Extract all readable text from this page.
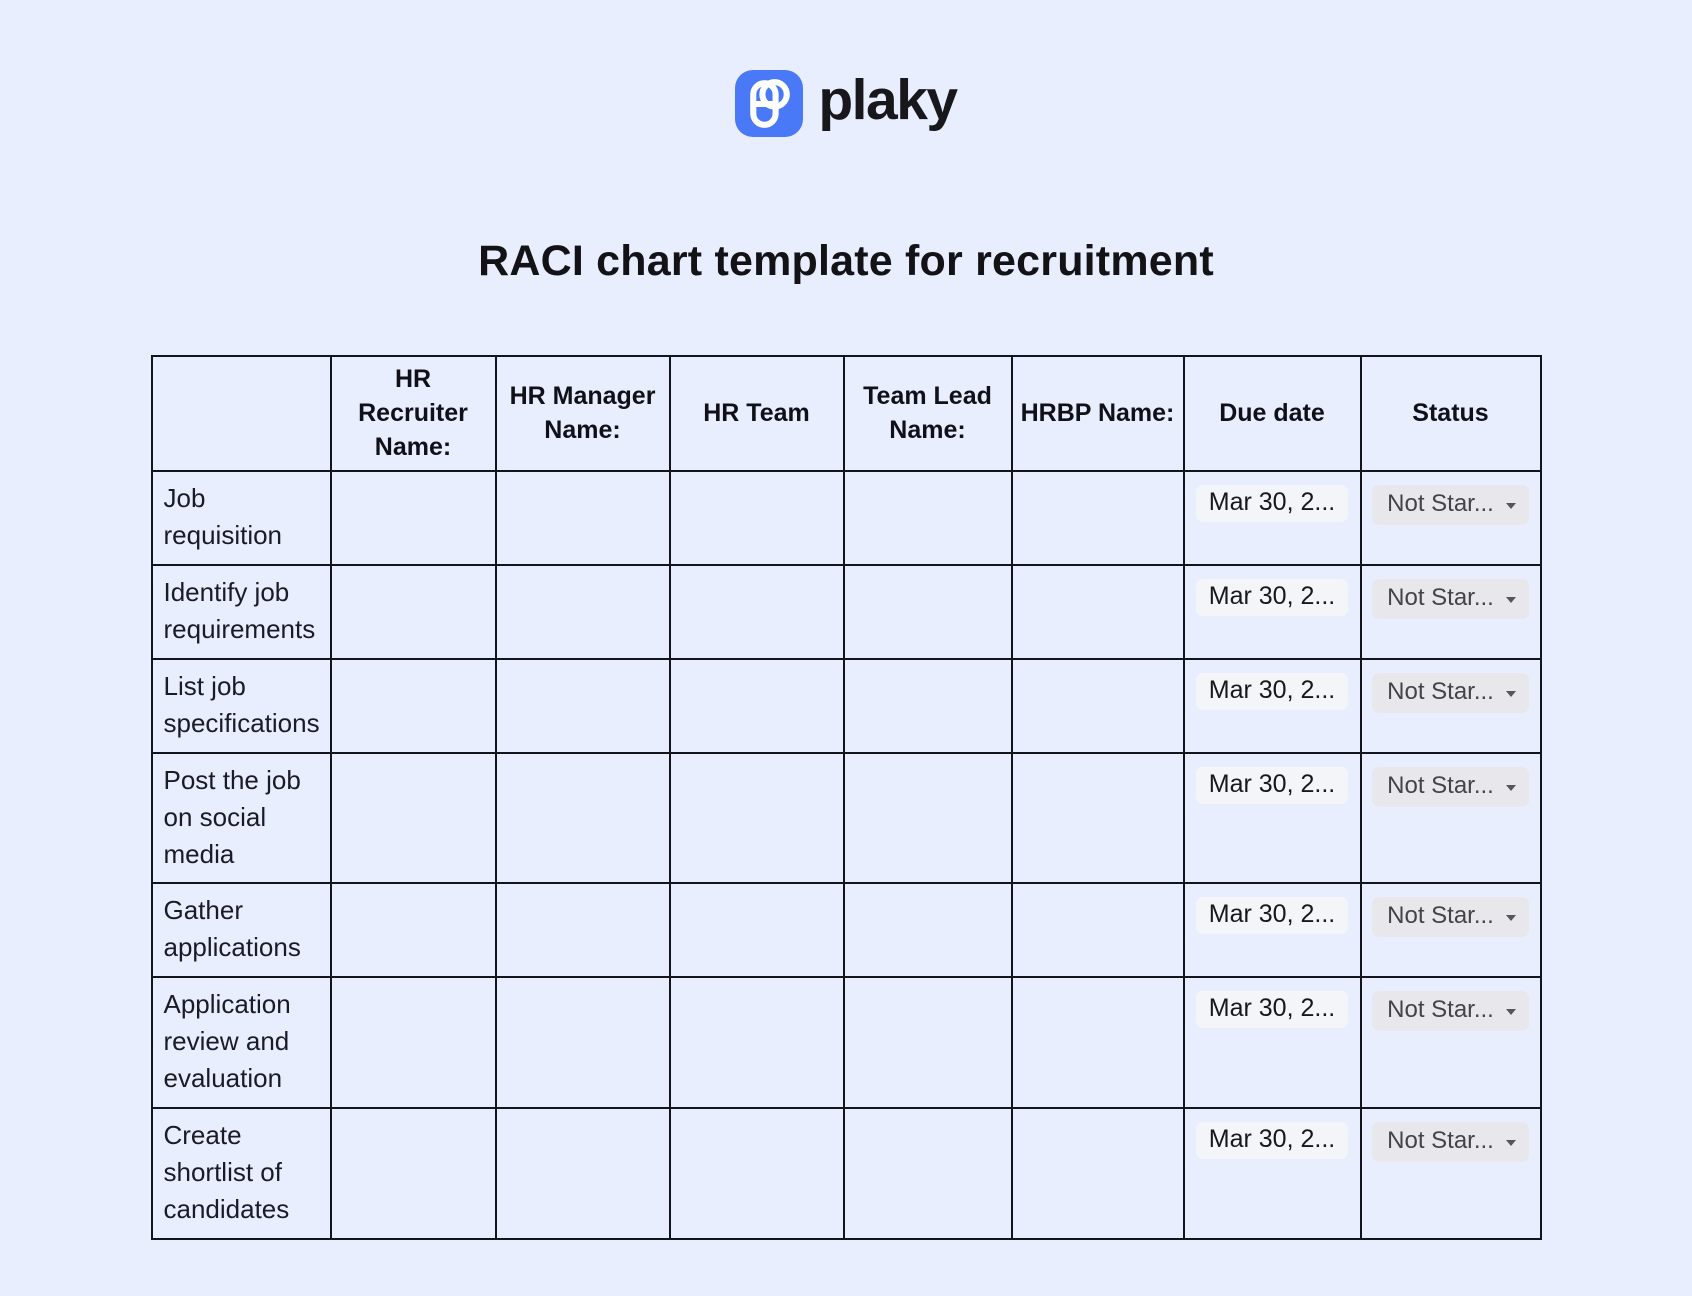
plaky
RACI chart template for recruitment
	HR Recruiter Name:	HR Manager Name:	HR Team	Team Lead Name:	HRBP Name:	Due date	Status
Job requisition						Mar 30, 2...	Not Star...

Identify job requirements						Mar 30, 2...	Not Star...

List job specifications						Mar 30, 2...	Not Star...

Post the job on social media						Mar 30, 2...	Not Star...

Gather applications						Mar 30, 2...	Not Star...

Application review and evaluation						Mar 30, 2...	Not Star...

Create shortlist of candidates						Mar 30, 2...	Not Star...
